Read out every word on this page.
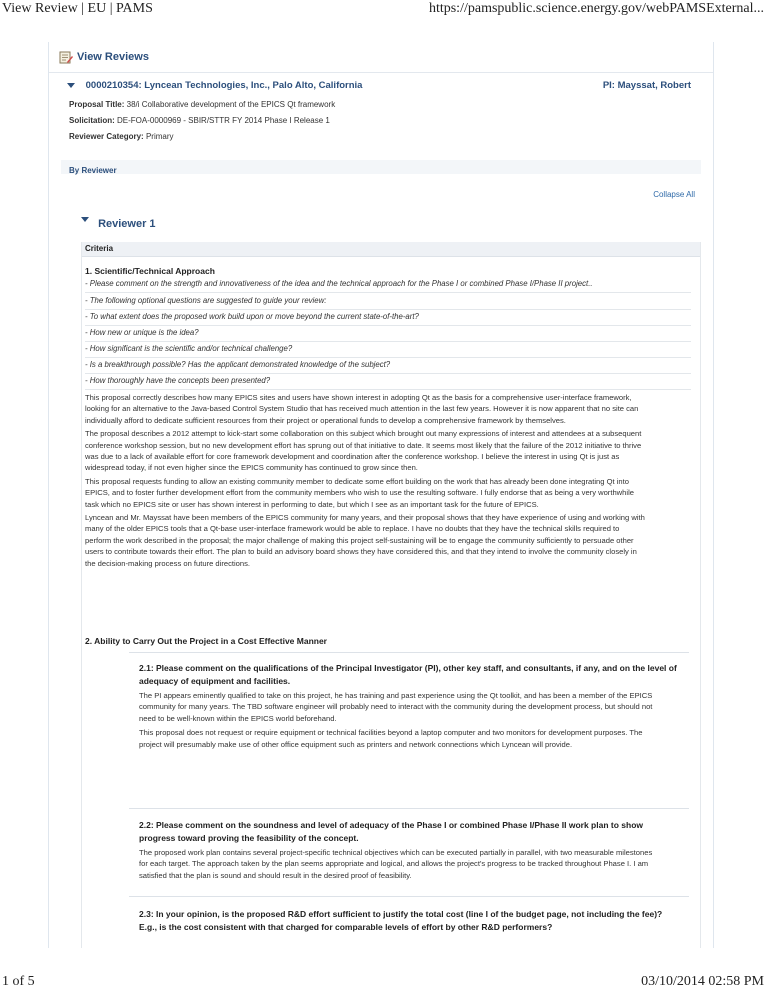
View Review | EU | PAMS	https://pamspublic.science.energy.gov/webPAMSExternal...
View Reviews
0000210354: Lyncean Technologies, Inc., Palo Alto, California	PI: Mayssat, Robert
Proposal Title: 38/i Collaborative development of the EPICS Qt framework
Solicitation: DE-FOA-0000969 - SBIR/STTR FY 2014 Phase I Release 1
Reviewer Category: Primary
By Reviewer
Collapse All
Reviewer 1
Criteria
1. Scientific/Technical Approach
- Please comment on the strength and innovativeness of the idea and the technical approach for the Phase I or combined Phase I/Phase II project..
- The following optional questions are suggested to guide your review:
- To what extent does the proposed work build upon or move beyond the current state-of-the-art?
- How new or unique is the idea?
- How significant is the scientific and/or technical challenge?
- Is a breakthrough possible? Has the applicant demonstrated knowledge of the subject?
- How thoroughly have the concepts been presented?

This proposal correctly describes how many EPICS sites and users have shown interest in adopting Qt as the basis for a comprehensive user-interface framework, looking for an alternative to the Java-based Control System Studio that has received much attention in the last few years. However it is now apparent that no site can individually afford to dedicate sufficient resources from their project or operational funds to develop a comprehensive framework by themselves.

The proposal describes a 2012 attempt to kick-start some collaboration on this subject which brought out many expressions of interest and attendees at a subsequent conference workshop session, but no new development effort has sprung out of that initiative to date. It seems most likely that the failure of the 2012 initiative to thrive was due to a lack of available effort for core framework development and coordination after the conference workshop. I believe the interest in using Qt is just as widespread today, if not even higher since the EPICS community has continued to grow since then.

This proposal requests funding to allow an existing community member to dedicate some effort building on the work that has already been done integrating Qt into EPICS, and to foster further development effort from the community members who wish to use the resulting software. I fully endorse that as being a very worthwhile task which no EPICS site or user has shown interest in performing to date, but which I see as an important task for the future of EPICS.

Lyncean and Mr. Mayssat have been members of the EPICS community for many years, and their proposal shows that they have experience of using and working with many of the older EPICS tools that a Qt-base user-interface framework would be able to replace. I have no doubts that they have the technical skills required to perform the work described in the proposal; the major challenge of making this project self-sustaining will be to engage the community sufficiently to persuade other users to contribute towards their effort. The plan to build an advisory board shows they have considered this, and that they intend to involve the community closely in the decision-making process on future directions.

2. Ability to Carry Out the Project in a Cost Effective Manner
2.1: Please comment on the qualifications of the Principal Investigator (PI), other key staff, and consultants, if any, and on the level of adequacy of equipment and facilities.

The PI appears eminently qualified to take on this project, he has training and past experience using the Qt toolkit, and has been a member of the EPICS community for many years. The TBD software engineer will probably need to interact with the community during the development process, but should not need to be well-known within the EPICS world beforehand.

This proposal does not request or require equipment or technical facilities beyond a laptop computer and two monitors for development purposes. The project will presumably make use of other office equipment such as printers and network connections which Lyncean will provide.

2.2: Please comment on the soundness and level of adequacy of the Phase I or combined Phase I/Phase II work plan to show progress toward proving the feasibility of the concept.

The proposed work plan contains several project-specific technical objectives which can be executed partially in parallel, with two measurable milestones for each target. The approach taken by the plan seems appropriate and logical, and allows the project's progress to be tracked throughout Phase I. I am satisfied that the plan is sound and should result in the desired proof of feasibility.

2.3: In your opinion, is the proposed R&D effort sufficient to justify the total cost (line I of the budget page, not including the fee)? E.g., is the cost consistent with that charged for comparable levels of effort by other R&D performers?
1 of 5	03/10/2014 02:58 PM
